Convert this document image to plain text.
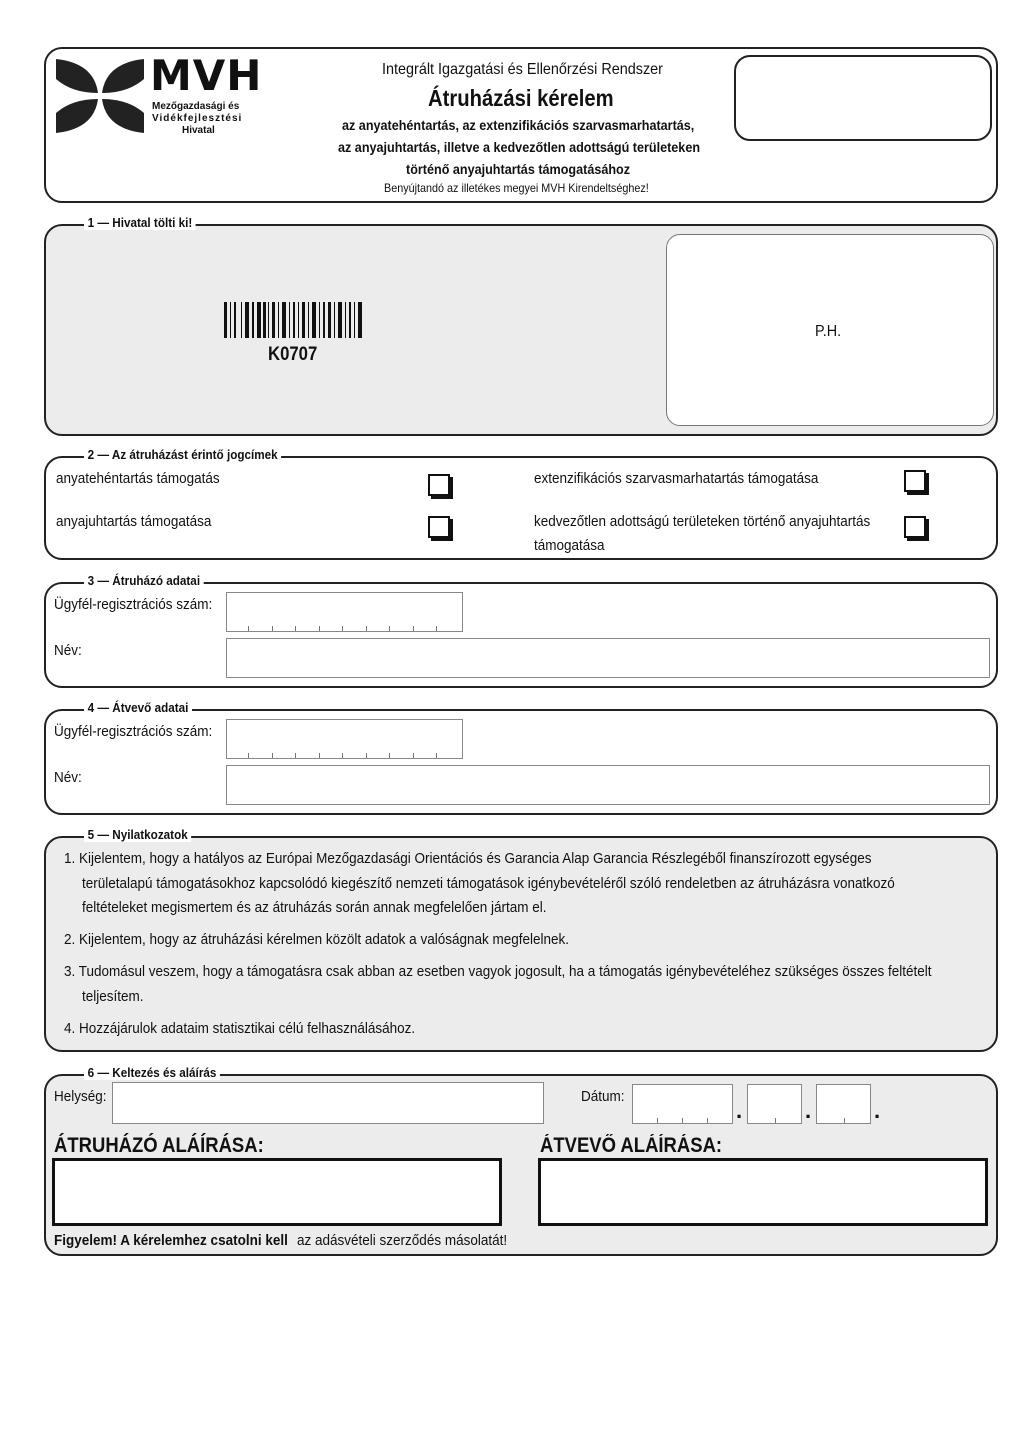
MVH
Mezőgazdasági és
Vidékfejlesztési
Hivatal
Integrált Igazgatási és Ellenőrzési Rendszer
Átruházási kérelem
az anyatehéntartás, az extenzifikációs szarvasmarhatartás,
az anyajuhtartás, illetve a kedvezőtlen adottságú területeken
történő anyajuhtartás támogatásához
Benyújtandó az illetékes megyei MVH Kirendeltséghez!
K0707
P.H.
1 — Hivatal tölti ki!
anyatehéntartás támogatás	extenzifikációs szarvasmarhatartás támogatása
anyajuhtartás támogatása	kedvezőtlen adottságú területeken történő anyajuhtartás
támogatása
2 — Az átruházást érintő jogcímek
Ügyfél-regisztrációs szám:
Név:
3 — Átruházó adatai
Ügyfél-regisztrációs szám:
Név:
4 — Átvevő adatai
1. Kijelentem, hogy a hatályos az Európai Mezőgazdasági Orientációs és Garancia Alap Garancia Részlegéből finanszírozott egységes
területalapú támogatásokhoz kapcsolódó kiegészítő nemzeti támogatások igénybevételéről szóló rendeletben az átruházásra vonatkozó
feltételeket megismertem és az átruházás során annak megfelelően jártam el.
2. Kijelentem, hogy az átruházási kérelmen közölt adatok a valóságnak megfelelnek.
3. Tudomásul veszem, hogy a támogatásra csak abban az esetben vagyok jogosult, ha a támogatás igénybevételéhez szükséges összes feltételt
teljesítem.
4. Hozzájárulok adataim statisztikai célú felhasználásához.
5 — Nyilatkozatok
Helység:	Dátum:
.	.	.
ÁTRUHÁZÓ ALÁÍRÁSA:	ÁTVEVŐ ALÁÍRÁSA:
Figyelem! A kérelemhez csatolni kell az adásvételi szerződés másolatát!
6 — Keltezés és aláírás
